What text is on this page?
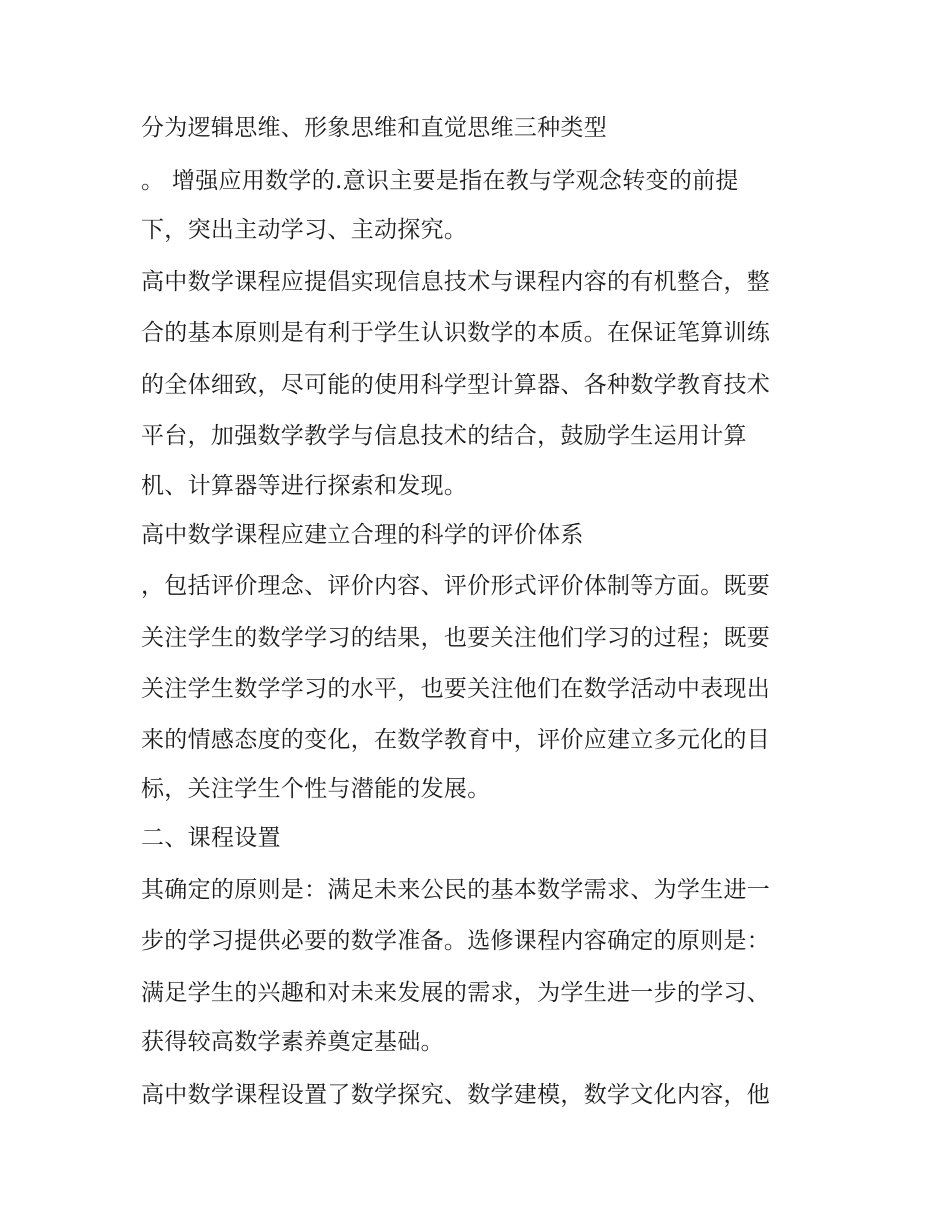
分为逻辑思维、形象思维和直觉思维三种类型
。 增强应用数学的.意识主要是指在教与学观念转变的前提
下，突出主动学习、主动探究。
高中数学课程应提倡实现信息技术与课程内容的有机整合，整
合的基本原则是有利于学生认识数学的本质。在保证笔算训练
的全体细致，尽可能的使用科学型计算器、各种数学教育技术
平台，加强数学教学与信息技术的结合，鼓励学生运用计算
机、计算器等进行探索和发现。
高中数学课程应建立合理的科学的评价体系
，包括评价理念、评价内容、评价形式评价体制等方面。既要
关注学生的数学学习的结果，也要关注他们学习的过程；既要
关注学生数学学习的水平，也要关注他们在数学活动中表现出
来的情感态度的变化，在数学教育中，评价应建立多元化的目
标，关注学生个性与潜能的发展。
二、课程设置
其确定的原则是：满足未来公民的基本数学需求、为学生进一
步的学习提供必要的数学准备。选修课程内容确定的原则是：
满足学生的兴趣和对未来发展的需求，为学生进一步的学习、
获得较高数学素养奠定基础。
高中数学课程设置了数学探究、数学建模，数学文化内容，他
